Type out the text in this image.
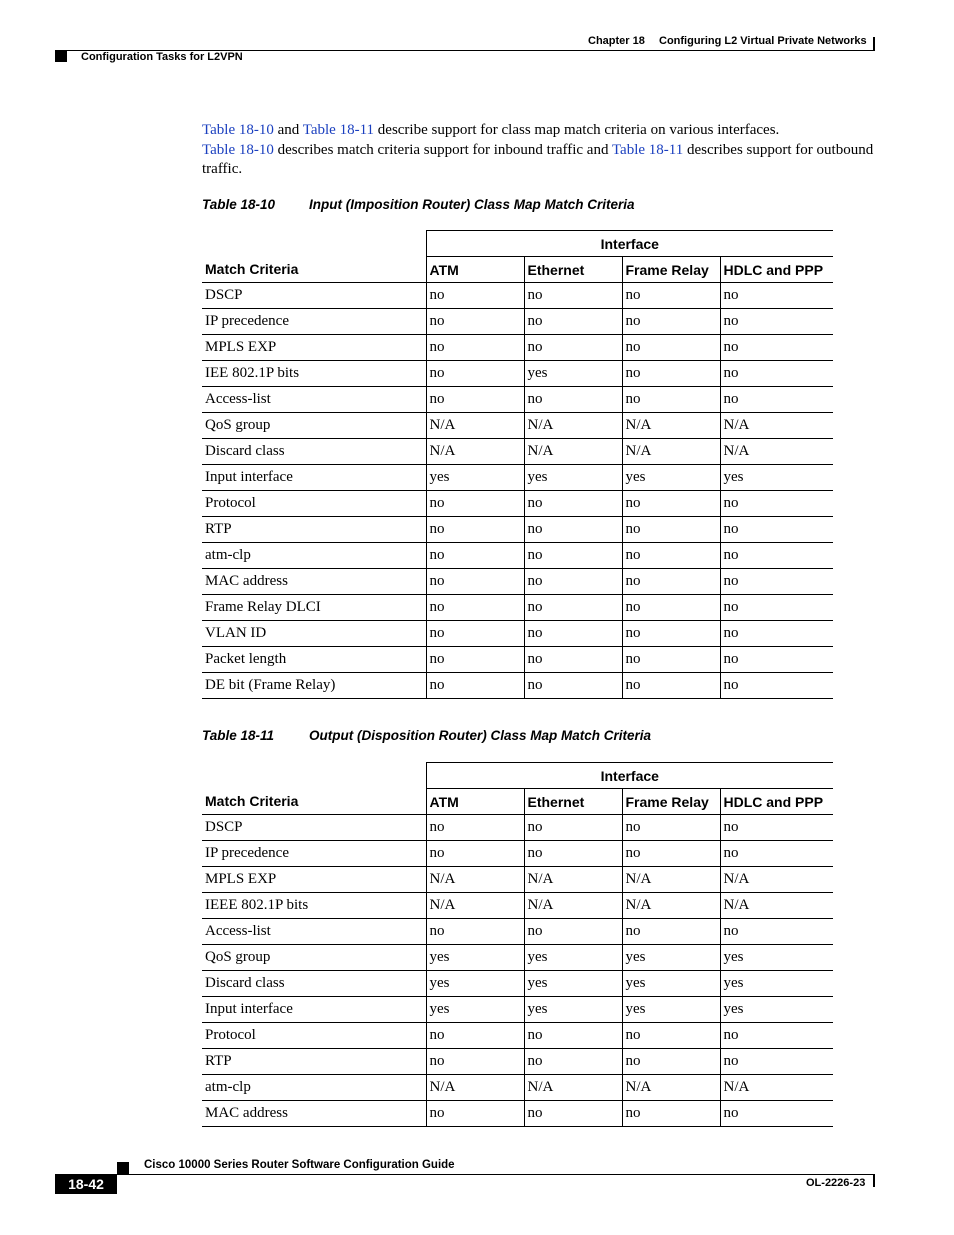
Chapter 18 Configuring L2 Virtual Private Networks
Configuration Tasks for L2VPN
Table 18-10 and Table 18-11 describe support for class map match criteria on various interfaces.
Table 18-10 describes match criteria support for inbound traffic and Table 18-11 describes support for outbound traffic.
Table 18-10	Input (Imposition Router) Class Map Match Criteria
	Interface			
Match Criteria	ATM	Ethernet	Frame Relay	HDLC and PPP
DSCP	no	no	no	no
IP precedence	no	no	no	no
MPLS EXP	no	no	no	no
IEE 802.1P bits	no	yes	no	no
Access-list	no	no	no	no
QoS group	N/A	N/A	N/A	N/A
Discard class	N/A	N/A	N/A	N/A
Input interface	yes	yes	yes	yes
Protocol	no	no	no	no
RTP	no	no	no	no
atm-clp	no	no	no	no
MAC address	no	no	no	no
Frame Relay DLCI	no	no	no	no
VLAN ID	no	no	no	no
Packet length	no	no	no	no
DE bit (Frame Relay)	no	no	no	no
Table 18-11	Output (Disposition Router) Class Map Match Criteria
	Interface			
Match Criteria	ATM	Ethernet	Frame Relay	HDLC and PPP
DSCP	no	no	no	no
IP precedence	no	no	no	no
MPLS EXP	N/A	N/A	N/A	N/A
IEEE 802.1P bits	N/A	N/A	N/A	N/A
Access-list	no	no	no	no
QoS group	yes	yes	yes	yes
Discard class	yes	yes	yes	yes
Input interface	yes	yes	yes	yes
Protocol	no	no	no	no
RTP	no	no	no	no
atm-clp	N/A	N/A	N/A	N/A
MAC address	no	no	no	no
Cisco 10000 Series Router Software Configuration Guide
18-42	OL-2226-23
